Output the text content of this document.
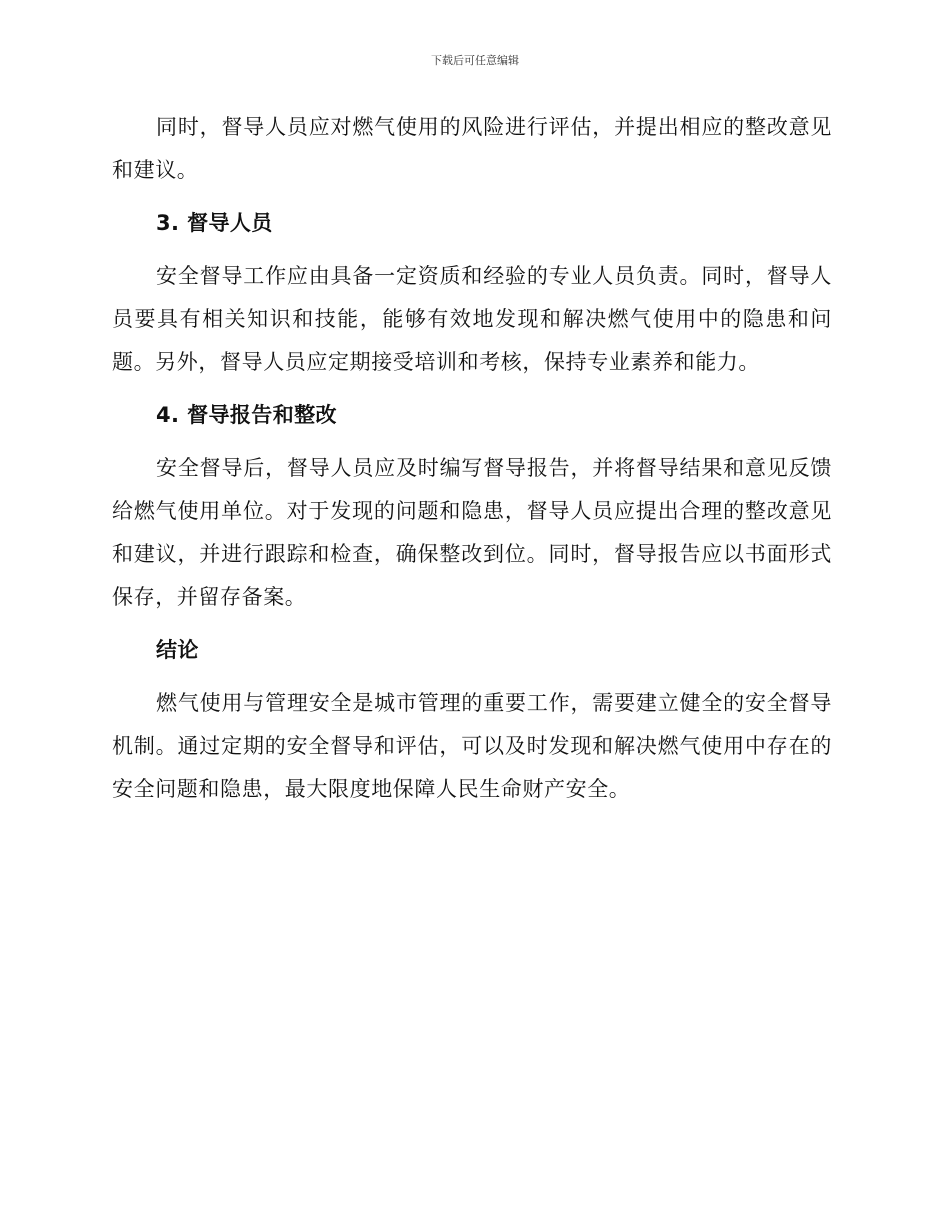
下载后可任意编辑

同时，督导人员应对燃气使用的风险进行评估，并提出相应的整改意见和建议。

3. 督导人员

安全督导工作应由具备一定资质和经验的专业人员负责。同时，督导人员要具有相关知识和技能，能够有效地发现和解决燃气使用中的隐患和问题。另外，督导人员应定期接受培训和考核，保持专业素养和能力。

4. 督导报告和整改

安全督导后，督导人员应及时编写督导报告，并将督导结果和意见反馈给燃气使用单位。对于发现的问题和隐患，督导人员应提出合理的整改意见和建议，并进行跟踪和检查，确保整改到位。同时，督导报告应以书面形式保存，并留存备案。

结论

燃气使用与管理安全是城市管理的重要工作，需要建立健全的安全督导机制。通过定期的安全督导和评估，可以及时发现和解决燃气使用中存在的安全问题和隐患，最大限度地保障人民生命财产安全。
